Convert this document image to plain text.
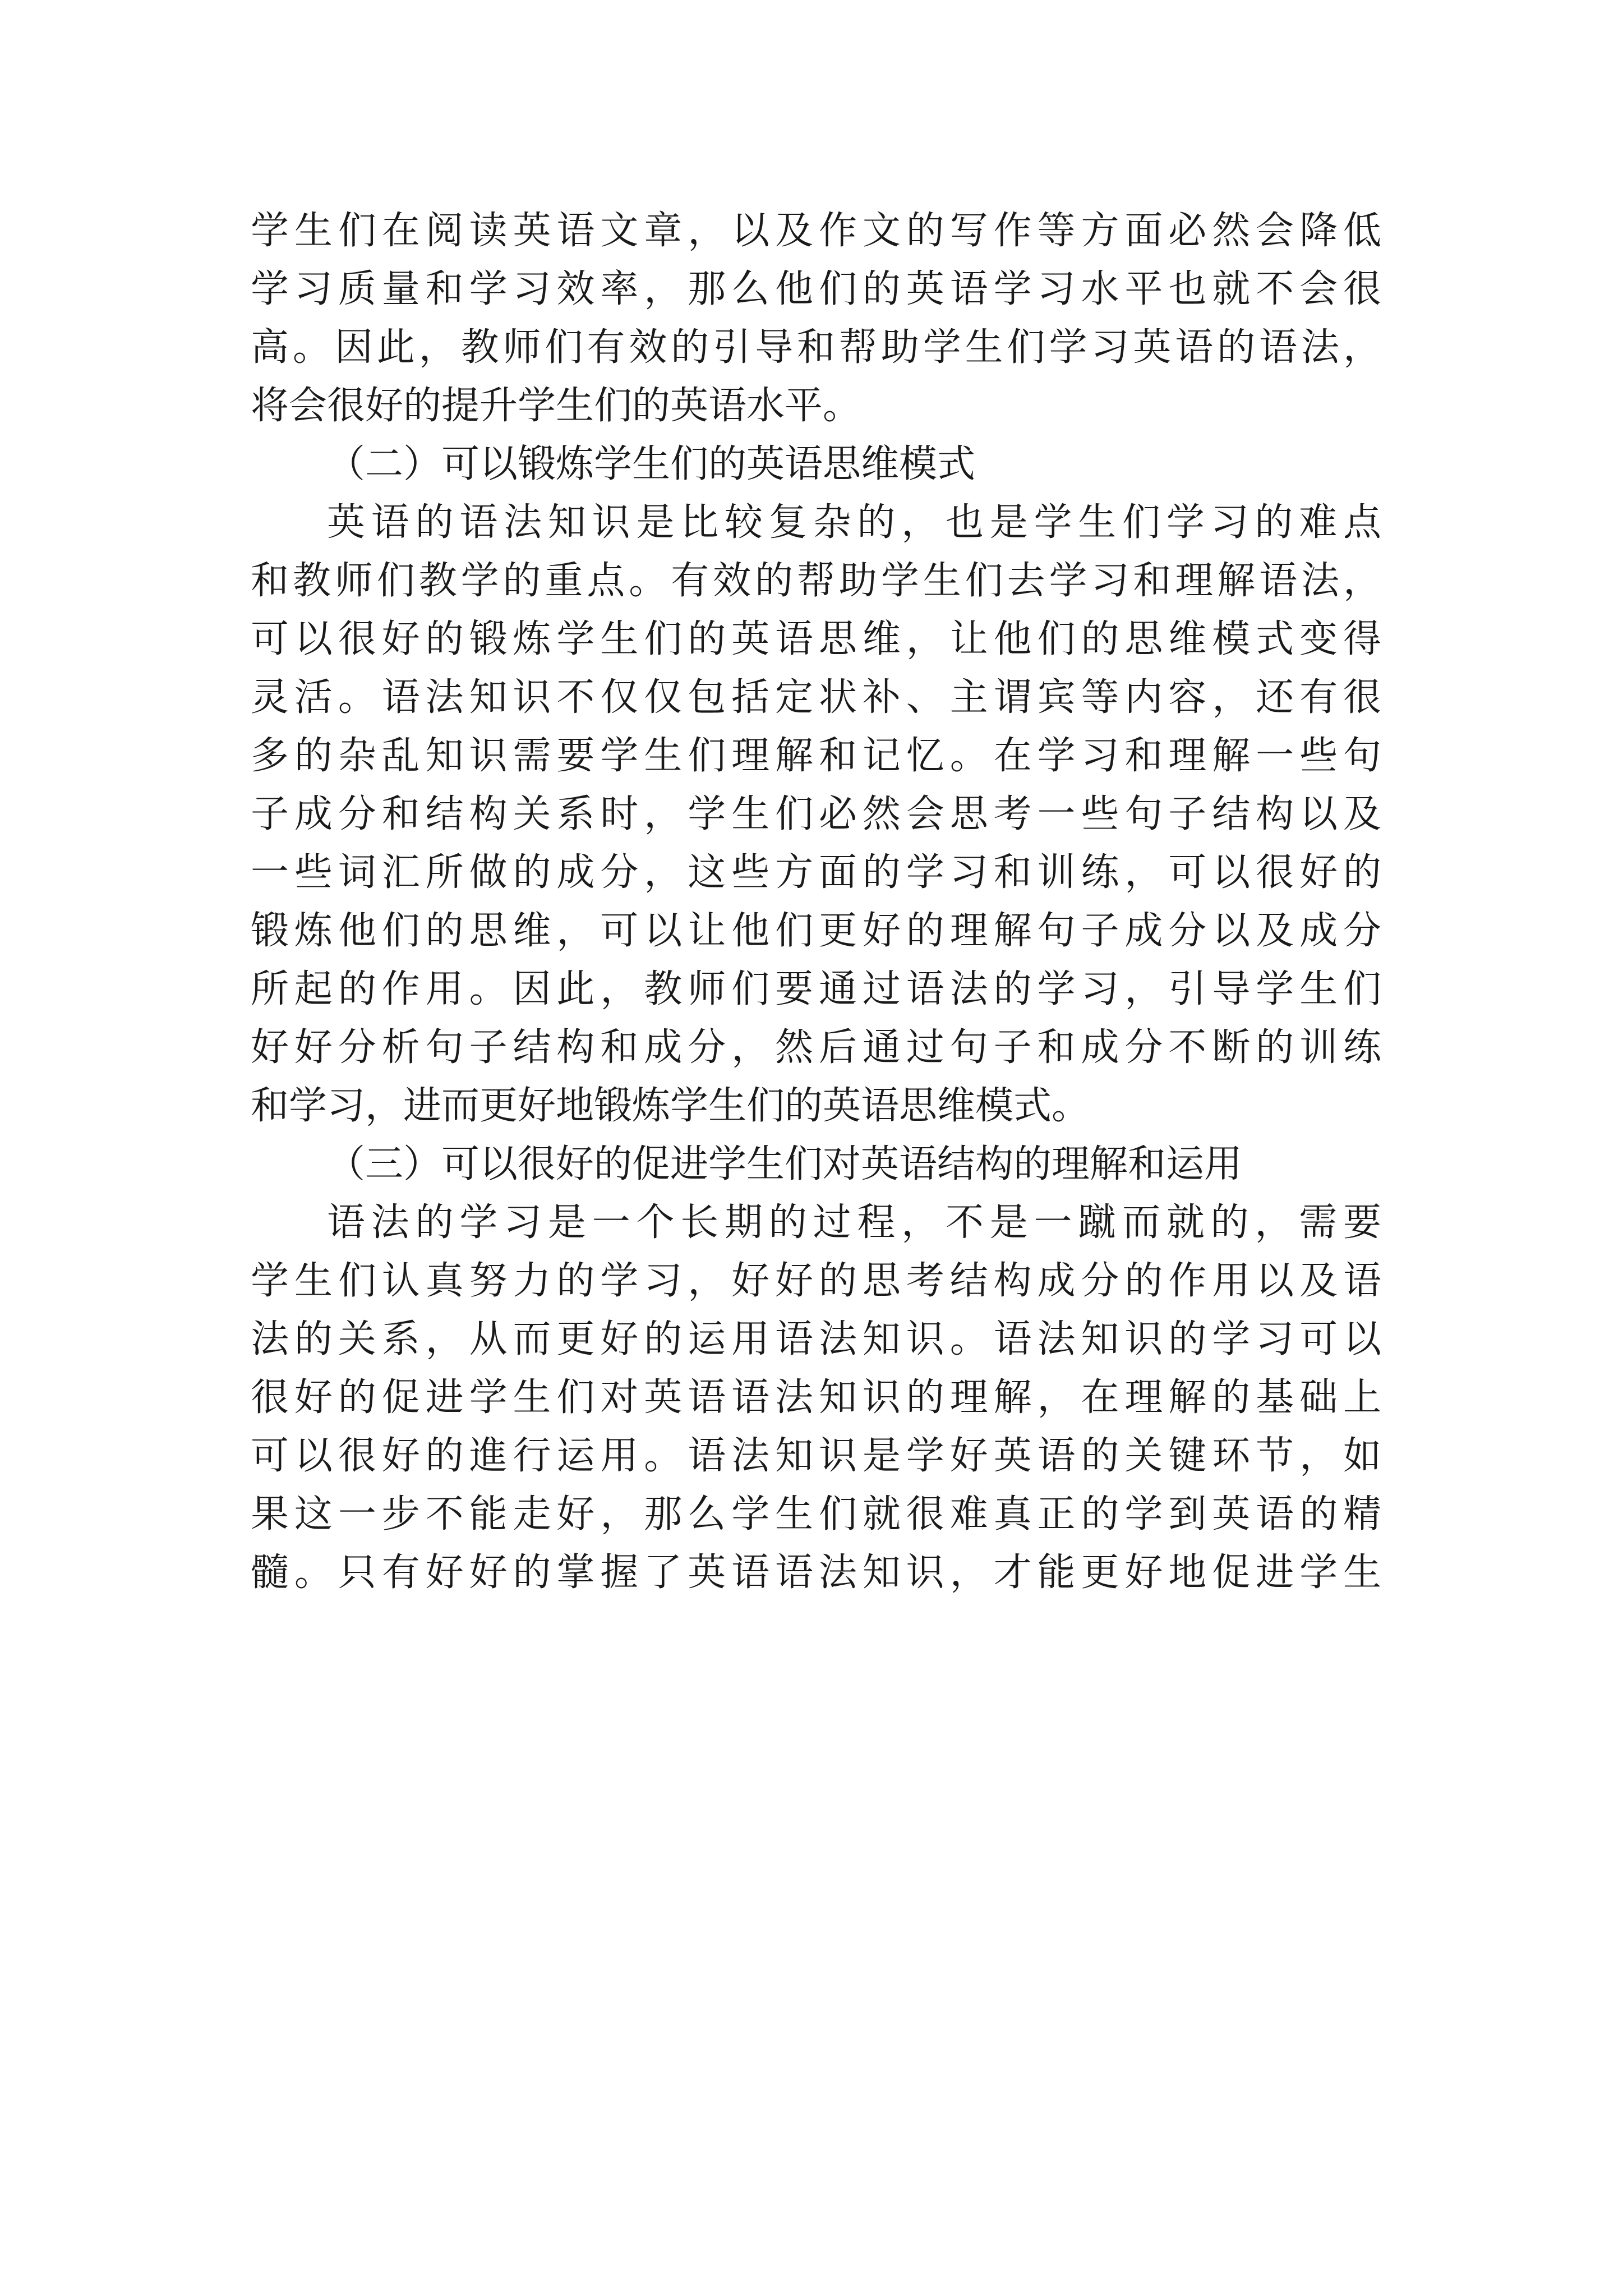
学生们在阅读英语文章，以及作文的写作等方面必然会降低
学习质量和学习效率，那么他们的英语学习水平也就不会很
高。因此，教师们有效的引导和帮助学生们学习英语的语法，
将会很好的提升学生们的英语水平。
（二）可以锻炼学生们的英语思维模式
英语的语法知识是比较复杂的，也是学生们学习的难点
和教师们教学的重点。有效的帮助学生们去学习和理解语法，
可以很好的锻炼学生们的英语思维，让他们的思维模式变得
灵活。语法知识不仅仅包括定状补、主谓宾等内容，还有很
多的杂乱知识需要学生们理解和记忆。在学习和理解一些句
子成分和结构关系时，学生们必然会思考一些句子结构以及
一些词汇所做的成分，这些方面的学习和训练，可以很好的
锻炼他们的思维，可以让他们更好的理解句子成分以及成分
所起的作用。因此，教师们要通过语法的学习，引导学生们
好好分析句子结构和成分，然后通过句子和成分不断的训练
和学习，进而更好地锻炼学生们的英语思维模式。
（三）可以很好的促进学生们对英语结构的理解和运用
语法的学习是一个长期的过程，不是一蹴而就的，需要
学生们认真努力的学习，好好的思考结构成分的作用以及语
法的关系，从而更好的运用语法知识。语法知识的学习可以
很好的促进学生们对英语语法知识的理解，在理解的基础上
可以很好的進行运用。语法知识是学好英语的关键环节，如
果这一步不能走好，那么学生们就很难真正的学到英语的精
髓。只有好好的掌握了英语语法知识，才能更好地促进学生
